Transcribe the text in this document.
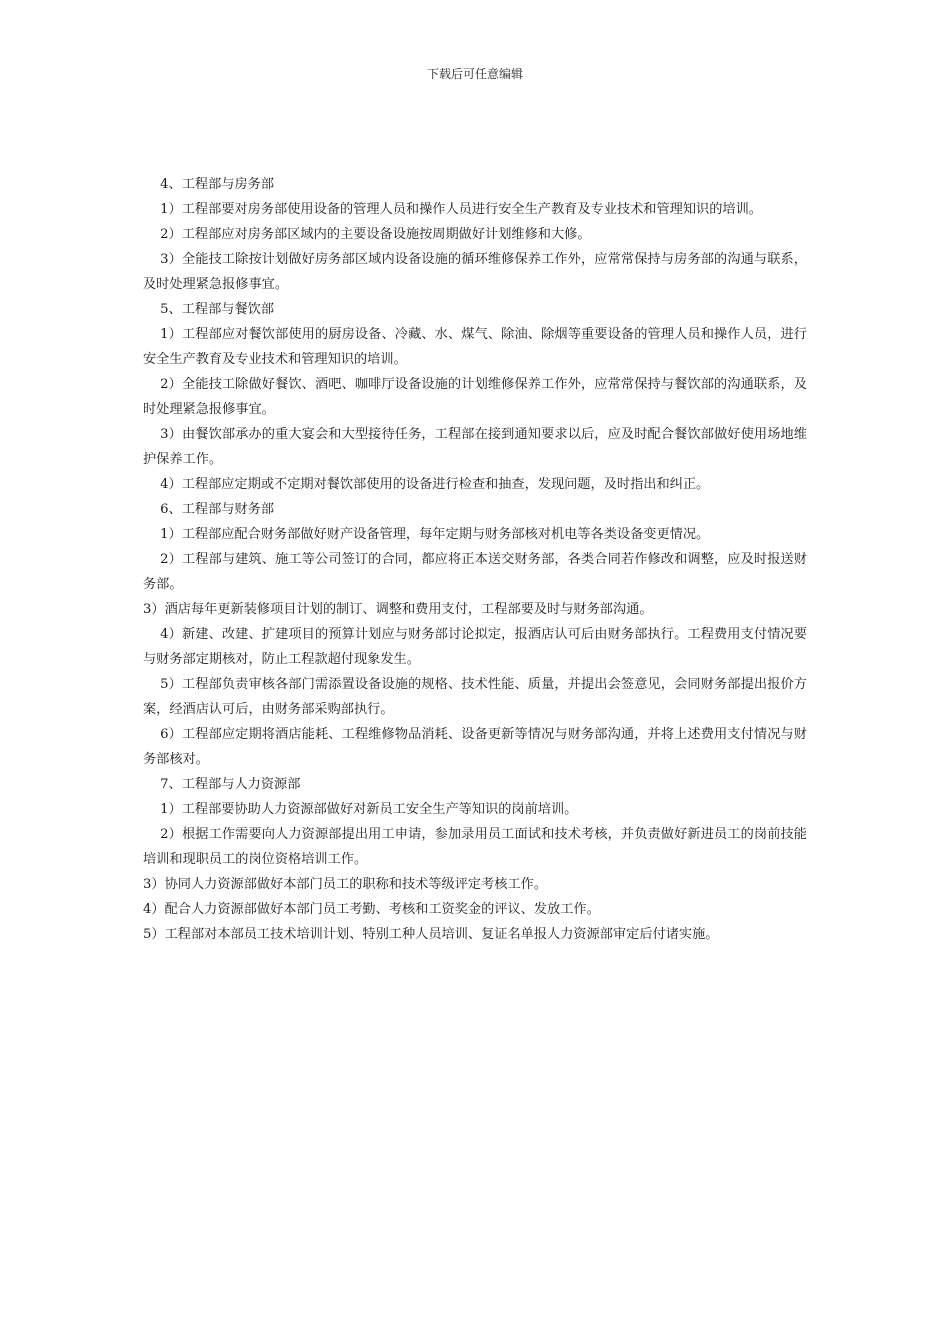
下载后可任意编辑

4、工程部与房务部

1）工程部要对房务部使用设备的管理人员和操作人员进行安全生产教育及专业技术和管理知识的培训。

2）工程部应对房务部区域内的主要设备设施按周期做好计划维修和大修。

3）全能技工除按计划做好房务部区域内设备设施的循环维修保养工作外，应常常保持与房务部的沟通与联系，及时处理紧急报修事宜。

5、工程部与餐饮部

1）工程部应对餐饮部使用的厨房设备、冷藏、水、煤气、除油、除烟等重要设备的管理人员和操作人员，进行安全生产教育及专业技术和管理知识的培训。

2）全能技工除做好餐饮、酒吧、咖啡厅设备设施的计划维修保养工作外，应常常保持与餐饮部的沟通联系，及时处理紧急报修事宜。

3）由餐饮部承办的重大宴会和大型接待任务，工程部在接到通知要求以后，应及时配合餐饮部做好使用场地维护保养工作。

4）工程部应定期或不定期对餐饮部使用的设备进行检查和抽查，发现问题，及时指出和纠正。

6、工程部与财务部

1）工程部应配合财务部做好财产设备管理，每年定期与财务部核对机电等各类设备变更情况。

2）工程部与建筑、施工等公司签订的合同，都应将正本送交财务部，各类合同若作修改和调整，应及时报送财务部。

3）酒店每年更新装修项目计划的制订、调整和费用支付，工程部要及时与财务部沟通。

4）新建、改建、扩建项目的预算计划应与财务部讨论拟定，报酒店认可后由财务部执行。工程费用支付情况要与财务部定期核对，防止工程款超付现象发生。

5）工程部负责审核各部门需添置设备设施的规格、技术性能、质量，并提出会签意见，会同财务部提出报价方案，经酒店认可后，由财务部采购部执行。

6）工程部应定期将酒店能耗、工程维修物品消耗、设备更新等情况与财务部沟通，并将上述费用支付情况与财务部核对。

7、工程部与人力资源部

1）工程部要协助人力资源部做好对新员工安全生产等知识的岗前培训。

2）根据工作需要向人力资源部提出用工申请，参加录用员工面试和技术考核，并负责做好新进员工的岗前技能培训和现职员工的岗位资格培训工作。

3）协同人力资源部做好本部门员工的职称和技术等级评定考核工作。

4）配合人力资源部做好本部门员工考勤、考核和工资奖金的评议、发放工作。

5）工程部对本部员工技术培训计划、特别工种人员培训、复证名单报人力资源部审定后付诸实施。
